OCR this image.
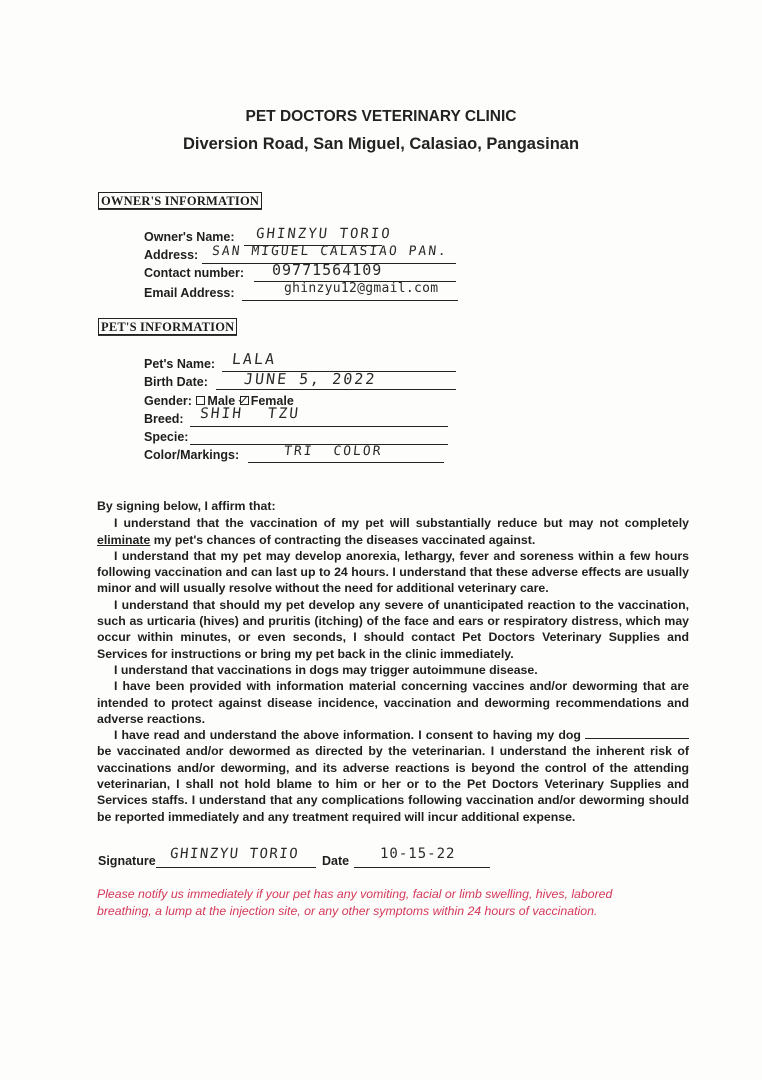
PET DOCTORS VETERINARY CLINIC
Diversion Road, San Miguel, Calasiao, Pangasinan
OWNER'S INFORMATION
Owner's Name: GHINZYU TORIO
Address: SAN MIGUEL CALASIAO PAN.
Contact number: 09771564109
Email Address:	ghinzyu12@gmail.com
PET'S INFORMATION
Pet's Name: LALA
Birth Date: JUNE 5, 2022
Gender: Male Female
Breed: SHIH TZU
Specie:
Color/Markings:	TRI COLOR

By signing below, I affirm that:

I understand that the vaccination of my pet will substantially reduce but may not completely eliminate my pet's chances of contracting the diseases vaccinated against.

I understand that my pet may develop anorexia, lethargy, fever and soreness within a few hours following vaccination and can last up to 24 hours. I understand that these adverse effects are usually minor and will usually resolve without the need for additional veterinary care.

I understand that should my pet develop any severe of unanticipated reaction to the vaccination, such as urticaria (hives) and pruritis (itching) of the face and ears or respiratory distress, which may occur within minutes, or even seconds, I should contact Pet Doctors Veterinary Supplies and Services for instructions or bring my pet back in the clinic immediately.

I understand that vaccinations in dogs may trigger autoimmune disease.

I have been provided with information material concerning vaccines and/or deworming that are intended to protect against disease incidence, vaccination and deworming recommendations and adverse reactions.

I have read and understand the above information. I consent to having my dog  be vaccinated and/or dewormed as directed by the veterinarian. I understand the inherent risk of vaccinations and/or deworming, and its adverse reactions is beyond the control of the attending veterinarian, I shall not hold blame to him or her or to the Pet Doctors Veterinary Supplies and Services staffs. I understand that any complications following vaccination and/or deworming should be reported immediately and any treatment required will incur additional expense.

Signature GHINZYU TORIO Date 10-15-22
Please notify us immediately if your pet has any vomiting, facial or limb swelling, hives, labored breathing, a lump at the injection site, or any other symptoms within 24 hours of vaccination.
